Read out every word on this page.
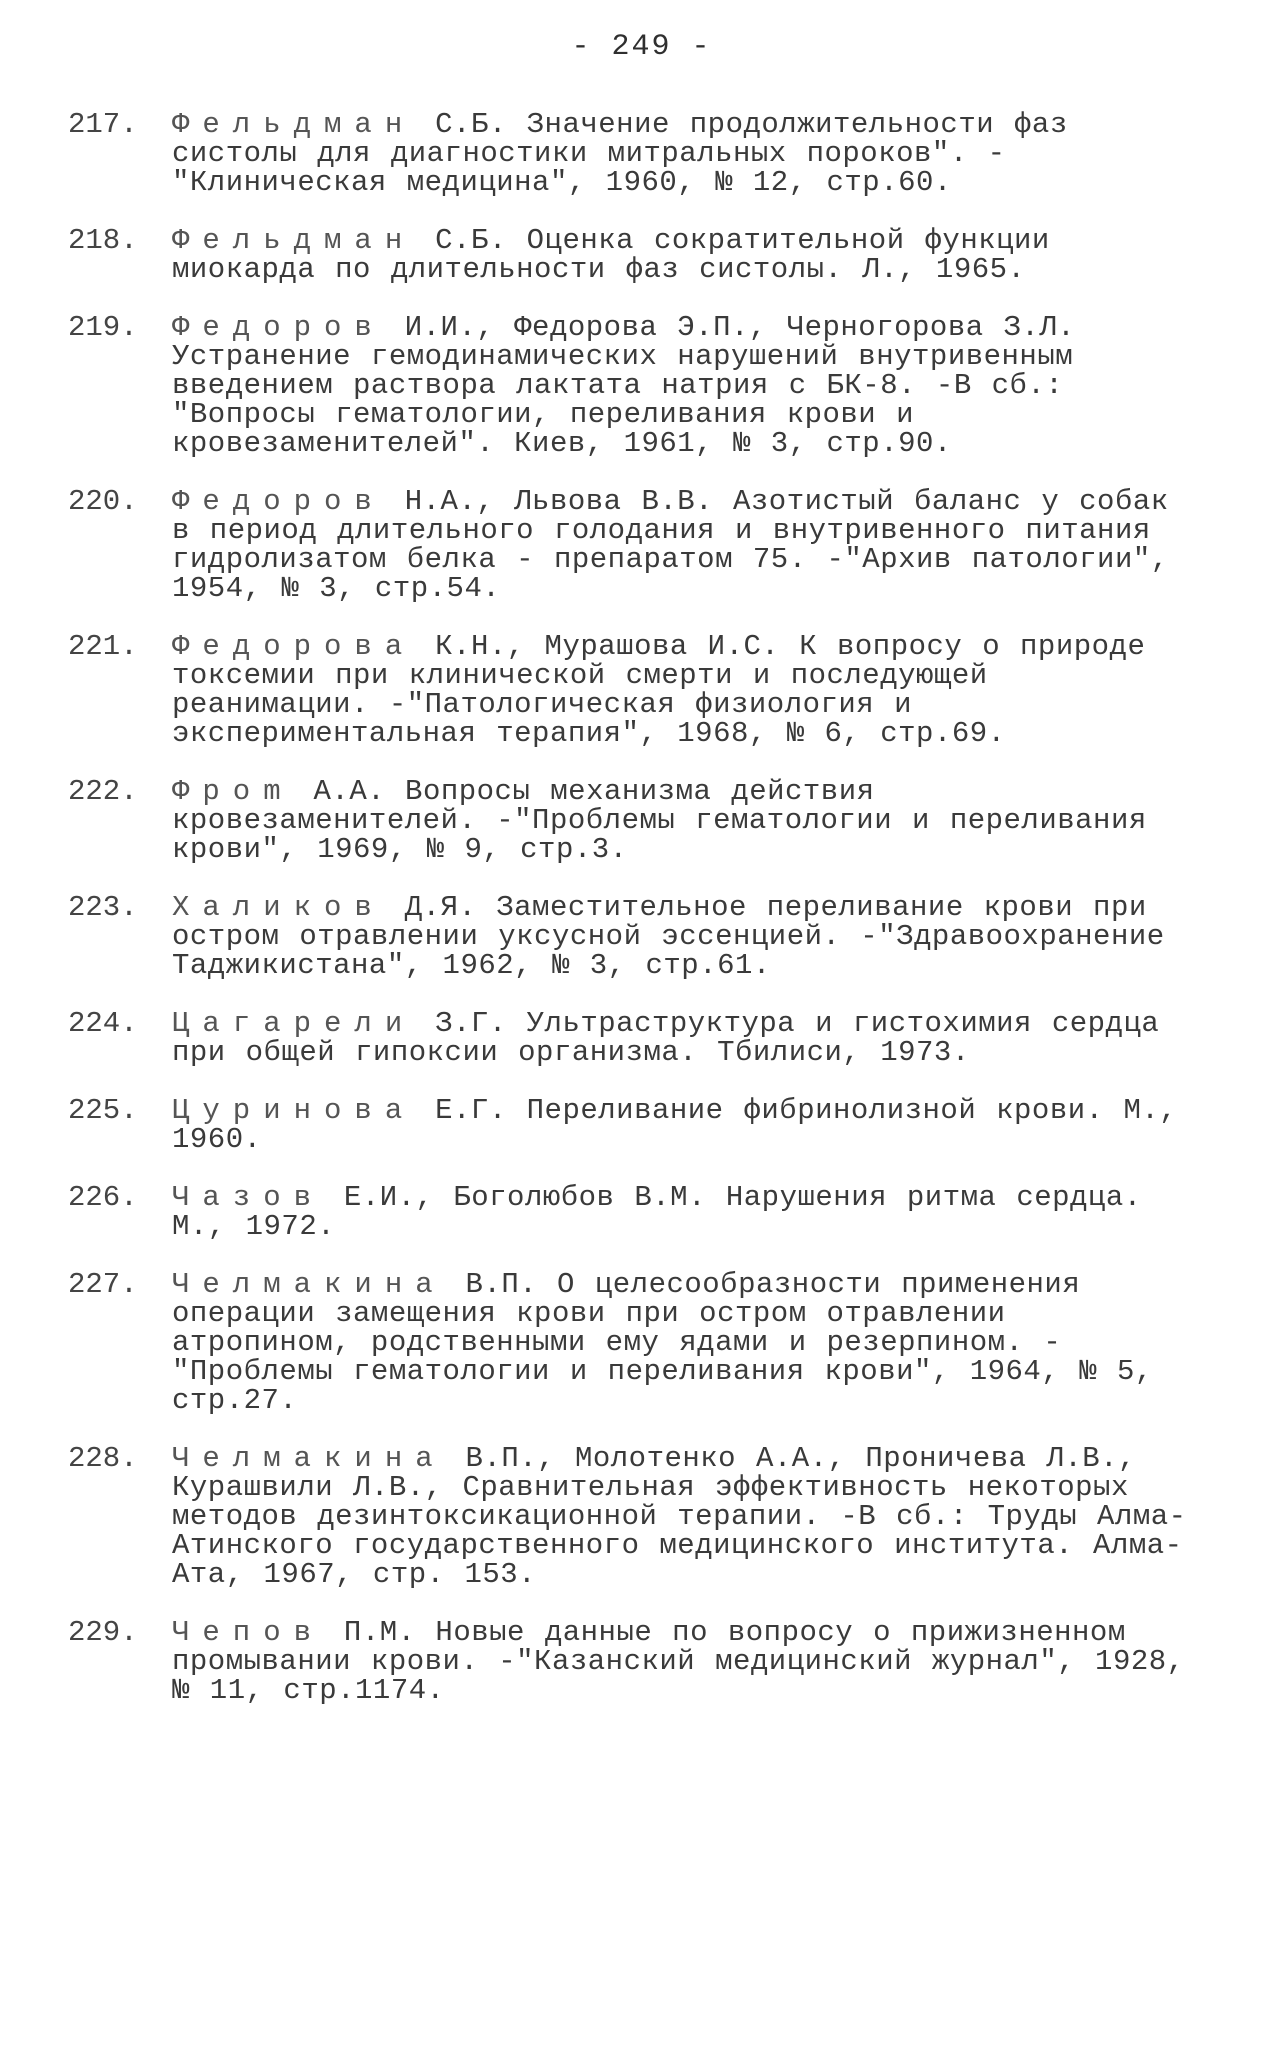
- 249 -
217. Фельдман С.Б. Значение продолжительности фаз систолы для диагностики митральных пороков". -"Клиническая медицина", 1960, № 12, стр.60.
218. Фельдман С.Б. Оценка сократительной функции миокарда по длительности фаз систолы. Л., 1965.
219. Федоров И.И., Федорова Э.П., Черногорова З.Л. Устранение гемодинамических нарушений внутривенным введением раствора лактата натрия с БК-8. -В сб.: "Вопросы гематологии, переливания крови и кровезаменителей". Киев, 1961, № 3, стр.90.
220. Федоров Н.А., Львова В.В. Азотистый баланс у собак в период длительного голодания и внутривенного питания гидролизатом белка - препаратом 75. -"Архив патологии", 1954, № 3, стр.54.
221. Федорова К.Н., Мурашова И.С. К вопросу о природе токсемии при клинической смерти и последующей реанимации. -"Патологическая физиология и экспериментальная терапия", 1968, № 6, стр.69.
222. Фрom А.А. Вопросы механизма действия кровезаменителей. -"Проблемы гематологии и переливания крови", 1969, № 9, стр.3.
223. Халиков Д.Я. Заместительное переливание крови при остром отравлении уксусной эссенцией. -"Здравоохранение Таджикистана", 1962, № 3, стр.61.
224. Цагарели З.Г. Ультраструктура и гистохимия сердца при общей гипоксии организма. Тбилиси, 1973.
225. Цуринова Е.Г. Переливание фибринолизной крови. М., 1960.
226. Чазов Е.И., Боголюбов В.М. Нарушения ритма сердца. М., 1972.
227. Челмакина В.П. О целесообразности применения операции замещения крови при остром отравлении атропином, родственными ему ядами и резерпином. -"Проблемы гематологии и переливания крови", 1964, № 5, стр.27.
228. Челмакина В.П., Молотенко А.А., Проничева Л.В., Курашвили Л.В., Сравнительная эффективность некоторых методов дезинтоксикационной терапии. -В сб.: Труды Алма-Атинского государственного медицинского института. Алма-Ата, 1967, стр. 153.
229. Чепов П.М. Новые данные по вопросу о прижизненном промывании крови. -"Казанский медицинский журнал", 1928, № 11, стр.1174.
